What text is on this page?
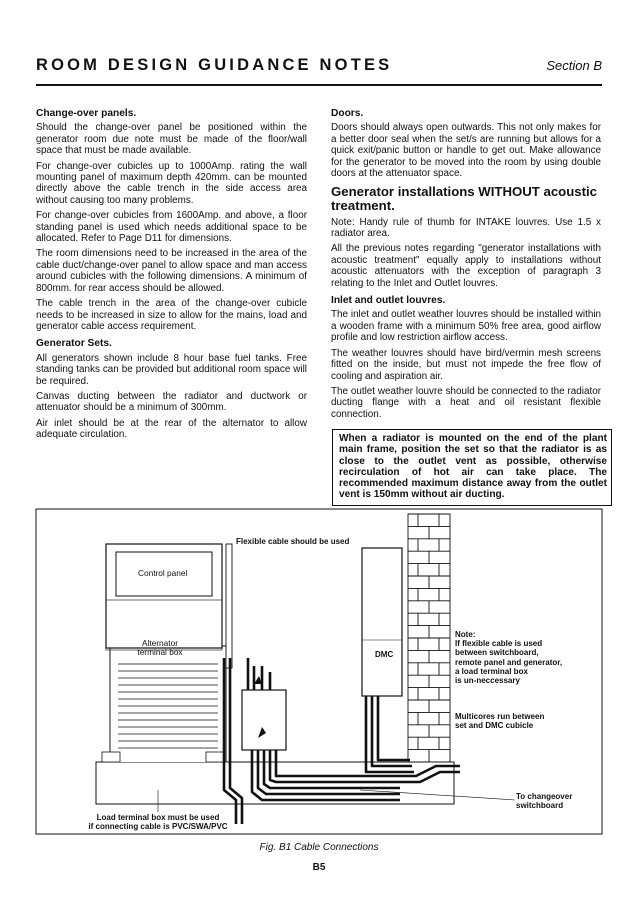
ROOM DESIGN GUIDANCE NOTES	Section B
Change-over panels.

Should the change-over panel be positioned within the generator room due note must be made of the floor/wall space that must be made available.

For change-over cubicles up to 1000Amp. rating the wall mounting panel of maximum depth 420mm. can be mounted directly above the cable trench in the side access area without causing too many problems.

For change-over cubicles from 1600Amp. and above, a floor standing panel is used which needs additional space to be allocated. Refer to Page D11 for dimensions.

The room dimensions need to be increased in the area of the cable duct/change-over panel to allow space and man access around cubicles with the following dimensions. A minimum of 800mm. for rear access should be allowed.

The cable trench in the area of the change-over cubicle needs to be increased in size to allow for the mains, load and generator cable access requirement.

Generator Sets.

All generators shown include 8 hour base fuel tanks. Free standing tanks can be provided but additional room space will be required.

Canvas ducting between the radiator and ductwork or attenuator should be a minimum of 300mm.

Air inlet should be at the rear of the alternator to allow adequate circulation.

Doors.

Doors should always open outwards. This not only makes for a better door seal when the set/s are running but allows for a quick exit/panic button or handle to get out. Make allowance for the generator to be moved into the room by using double doors at the attenuator space.

Generator installations WITHOUT acoustic treatment.

Note: Handy rule of thumb for INTAKE louvres. Use 1.5 x radiator area.

All the previous notes regarding "generator installations with acoustic treatment" equally apply to installations without acoustic attenuators with the exception of paragraph 3 relating to the Inlet and Outlet louvres.

Inlet and outlet louvres.

The inlet and outlet weather louvres should be installed within a wooden frame with a minimum 50% free area, good airflow profile and low restriction airflow access.

The weather louvres should have bird/vermin mesh screens fitted on the inside, but must not impede the free flow of cooling and aspiration air.

The outlet weather louvre should be connected to the radiator ducting flange with a heat and oil resistant flexible connection.

When a radiator is mounted on the end of the plant main frame, position the set so that the radiator is as close to the outlet vent as possible, otherwise recirculation of hot air can take place. The recommended maximum distance away from the outlet vent is 150mm without air ducting.
Flexible cable should be used
Control panel
Alternator
terminal box	DMC
Note:
If flexible cable is used
between switchboard,
remote panel and generator,
a load terminal box
is un-neccessary
Multicores run between
set and DMC cubicle
To changeover
switchboard
Load terminal box must be used
if connecting cable is PVC/SWA/PVC
Fig. B1 Cable Connections
B5
